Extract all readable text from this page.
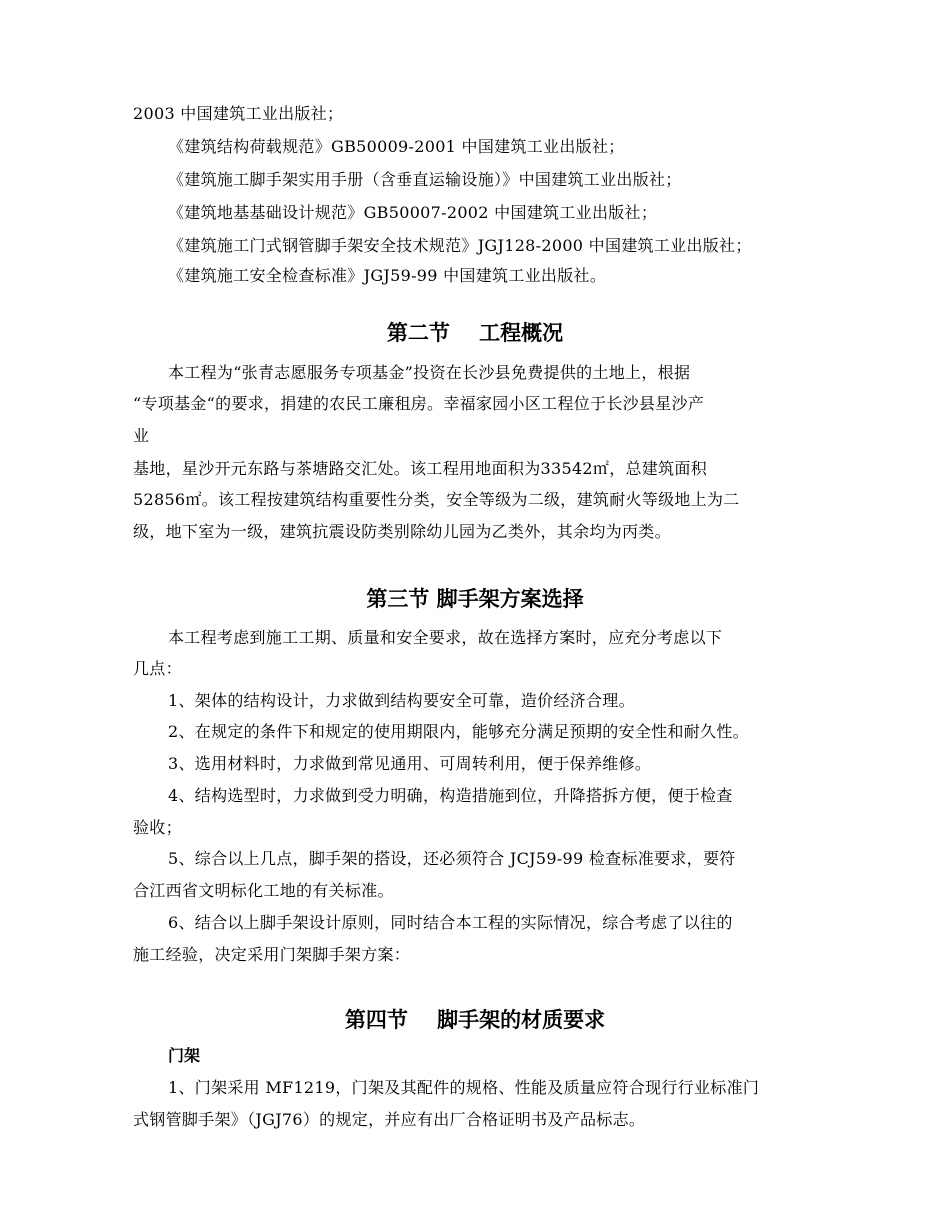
2003 中国建筑工业出版社；
《建筑结构荷载规范》GB50009-2001 中国建筑工业出版社；
《建筑施工脚手架实用手册（含垂直运输设施）》中国建筑工业出版社；
《建筑地基基础设计规范》GB50007-2002 中国建筑工业出版社；
《建筑施工门式钢管脚手架安全技术规范》JGJ128-2000 中国建筑工业出版社；
《建筑施工安全检查标准》JGJ59-99 中国建筑工业出版社。
第二节    工程概况
本工程为“张青志愿服务专项基金”投资在长沙县免费提供的土地上，根据
“专项基金“的要求，捐建的农民工廉租房。幸福家园小区工程位于长沙县星沙产
业
基地，星沙开元东路与茶塘路交汇处。该工程用地面积为33542㎡，总建筑面积
52856㎡。该工程按建筑结构重要性分类，安全等级为二级，建筑耐火等级地上为二
级，地下室为一级，建筑抗震设防类别除幼儿园为乙类外，其余均为丙类。
第三节 脚手架方案选择
本工程考虑到施工工期、质量和安全要求，故在选择方案时，应充分考虑以下
几点：
1、架体的结构设计，力求做到结构要安全可靠，造价经济合理。
2、在规定的条件下和规定的使用期限内，能够充分满足预期的安全性和耐久性。
3、选用材料时，力求做到常见通用、可周转利用，便于保养维修。
4、结构选型时，力求做到受力明确，构造措施到位，升降搭拆方便，便于检查
验收；
5、综合以上几点，脚手架的搭设，还必须符合 JCJ59-99 检查标准要求，要符
合江西省文明标化工地的有关标准。
6、结合以上脚手架设计原则，同时结合本工程的实际情况，综合考虑了以往的
施工经验，决定采用门架脚手架方案：
第四节    脚手架的材质要求
门架
1、门架采用 MF1219，门架及其配件的规格、性能及质量应符合现行行业标准门
式钢管脚手架》（JGJ76）的规定，并应有出厂合格证明书及产品标志。
